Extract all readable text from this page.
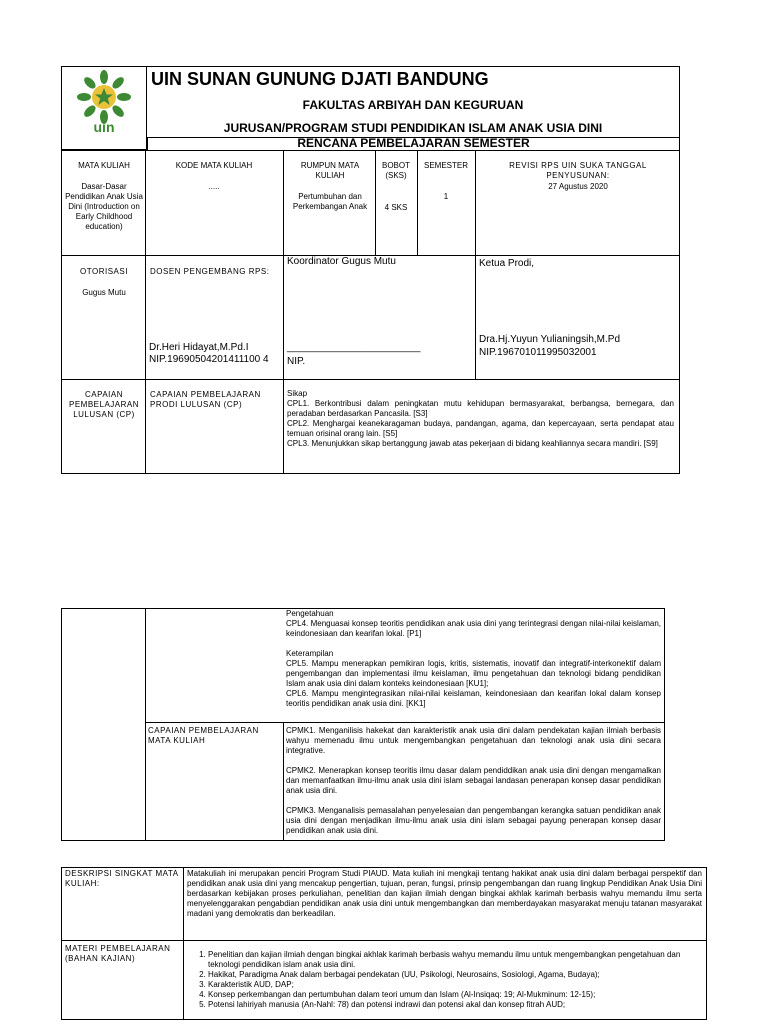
uin
UIN SUNAN GUNUNG DJATI BANDUNG
FAKULTAS ARBIYAH DAN KEGURUAN
JURUSAN/PROGRAM STUDI PENDIDIKAN ISLAM ANAK USIA DINI
RENCANA PEMBELAJARAN SEMESTER
MATA KULIAH
Dasar-Dasar Pendidikan Anak Usia Dini (Introduction on Early Childhood education)
KODE MATA KULIAH
.....
RUMPUN MATA KULIAH
Pertumbuhan dan Perkembangan Anak
BOBOT (SKS)
4 SKS
SEMESTER
1
REVISI RPS UIN SUKA TANGGAL PENYUSUNAN:
27 Agustus 2020
OTORISASI
Gugus Mutu
DOSEN PENGEMBANG RPS:
Dr.Heri Hidayat,M.Pd.I
NIP.19690504201411100 4
Koordinator Gugus Mutu
________________________
NIP.
Ketua Prodi,
Dra.Hj.Yuyun Yulianingsih,M.Pd
NIP.196701011995032001
CAPAIAN PEMBELAJARAN LULUSAN (CP)
CAPAIAN PEMBELAJARAN PRODI LULUSAN (CP)

Sikap

CPL1. Berkontribusi dalam peningkatan mutu kehidupan bermasyarakat, berbangsa, bernegara, dan peradaban berdasarkan Pancasila. [S3]

CPL2. Menghargai keanekaragaman budaya, pandangan, agama, dan kepercayaan, serta pendapat atau temuan orisinal orang lain. [S5]

CPL3. Menunjukkan sikap bertanggung jawab atas pekerjaan di bidang keahliannya secara mandiri. [S9]

Pengetahuan

CPL4. Menguasai konsep teoritis pendidikan anak usia dini yang terintegrasi dengan nilai-nilai keislaman, keindonesiaan dan kearifan lokal. [P1]

Keterampilan

CPL5. Mampu menerapkan pemikiran logis, kritis, sistematis, inovatif dan integratif-interkonektif dalam pengembangan dan implementasi ilmu keislaman, ilmu pengetahuan dan teknologi bidang pendidikan Islam anak usia dini dalam konteks keindonesiaan [KU1];

CPL6. Mampu mengintegrasikan nilai-nilai keislaman, keindonesiaan dan kearifan lokal dalam konsep teoritis pendidikan anak usia dini. [KK1]

CAPAIAN PEMBELAJARAN MATA KULIAH

CPMK1. Menganilisis hakekat dan karakteristik anak usia dini dalam pendekatan kajian ilmiah berbasis wahyu memenadu ilmu untuk mengembangkan pengetahuan dan teknologi anak usia dini secara integrative.

CPMK2. Menerapkan konsep teoritis ilmu dasar dalam pendiddikan anak usia dini dengan mengamalkan dan memanfaatkan ilmu-ilmu anak usia dini islam sebagai landasan penerapan konsep dasar pendidikan anak usia dini.

CPMK3. Menganalisis pemasalahan penyelesaian dan pengembangan kerangka satuan pendidikan anak usia dini dengan menjadikan ilmu-ilmu anak usia dini islam sebagai payung penerapan konsep dasar pendidikan anak usia dini.

DESKRIPSI SINGKAT MATA KULIAH:
Matakuliah ini merupakan penciri Program Studi PIAUD. Mata kuliah ini mengkaji tentang hakikat anak usia dini dalam berbagai perspektif dan pendidikan anak usia dini yang mencakup pengertian, tujuan, peran, fungsi, prinsip pengembangan dan ruang lingkup Pendidikan Anak Usia Dini berdasarkan kebijakan proses perkuliahan, penelitian dan kajian ilmiah dengan bingkai akhlak karimah berbasis wahyu memandu ilmu serta menyelenggarakan pengabdian pendidikan anak usia dini untuk mengembangkan dan memberdayakan masyarakat menuju tatanan masyarakat madani yang demokratis dan berkeadilan.
MATERI PEMBELAJARAN (BAHAN KAJIAN)
1.	Penelitian dan kajian ilmiah dengan bingkai akhlak karimah berbasis wahyu memandu ilmu untuk mengembangkan pengetahuan dan teknologi pendidikan islam anak usia dini.
2. Hakikat, Paradigma Anak dalam berbagai pendekatan (UU, Psikologi, Neurosains, Sosiologi, Agama, Budaya);
3. Karakteristik AUD, DAP;
4. Konsep perkembangan dan pertumbuhan dalam teori umum dan Islam (Al-Insiqaq: 19; Al-Mukminum: 12-15);
5. Potensi lahiriyah manusia (An-Nahl: 78) dan potensi indrawi dan potensi akal dan konsep fitrah AUD;
